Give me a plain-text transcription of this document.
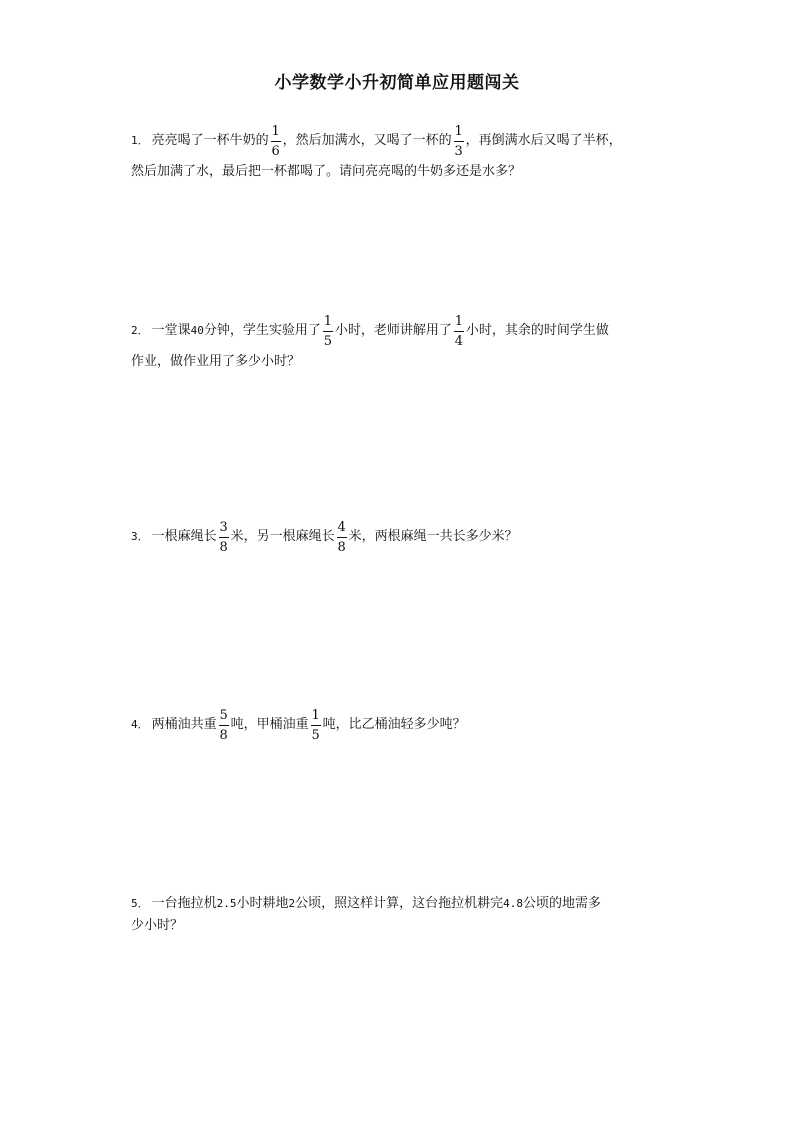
小学数学小升初简单应用题闯关
1． 亮亮喝了一杯牛奶的 $\frac{1}{6}$ ，然后加满水，又喝了一杯的 $\frac{1}{3}$ ，再倒满水后又喝了半杯，
然后加满了水，最后把一杯都喝了。请问亮亮喝的牛奶多还是水多？
2． 一堂课 40 分钟，学生实验用了 $\frac{1}{5}$ 小时，老师讲解用了 $\frac{1}{4}$ 小时，其余的时间学生做
作业，做作业用了多少小时？
3． 一根麻绳长 $\frac{3}{8}$ 米，另一根麻绳长 $\frac{4}{8}$ 米，两根麻绳一共长多少米？
4． 两桶油共重 $\frac{5}{8}$ 吨，甲桶油重 $\frac{1}{5}$ 吨，比乙桶油轻多少吨？
5． 一台拖拉机 2.5 小时耕地 2 公顷，照这样计算，这台拖拉机耕完 4.8 公顷的地需多
少小时？
